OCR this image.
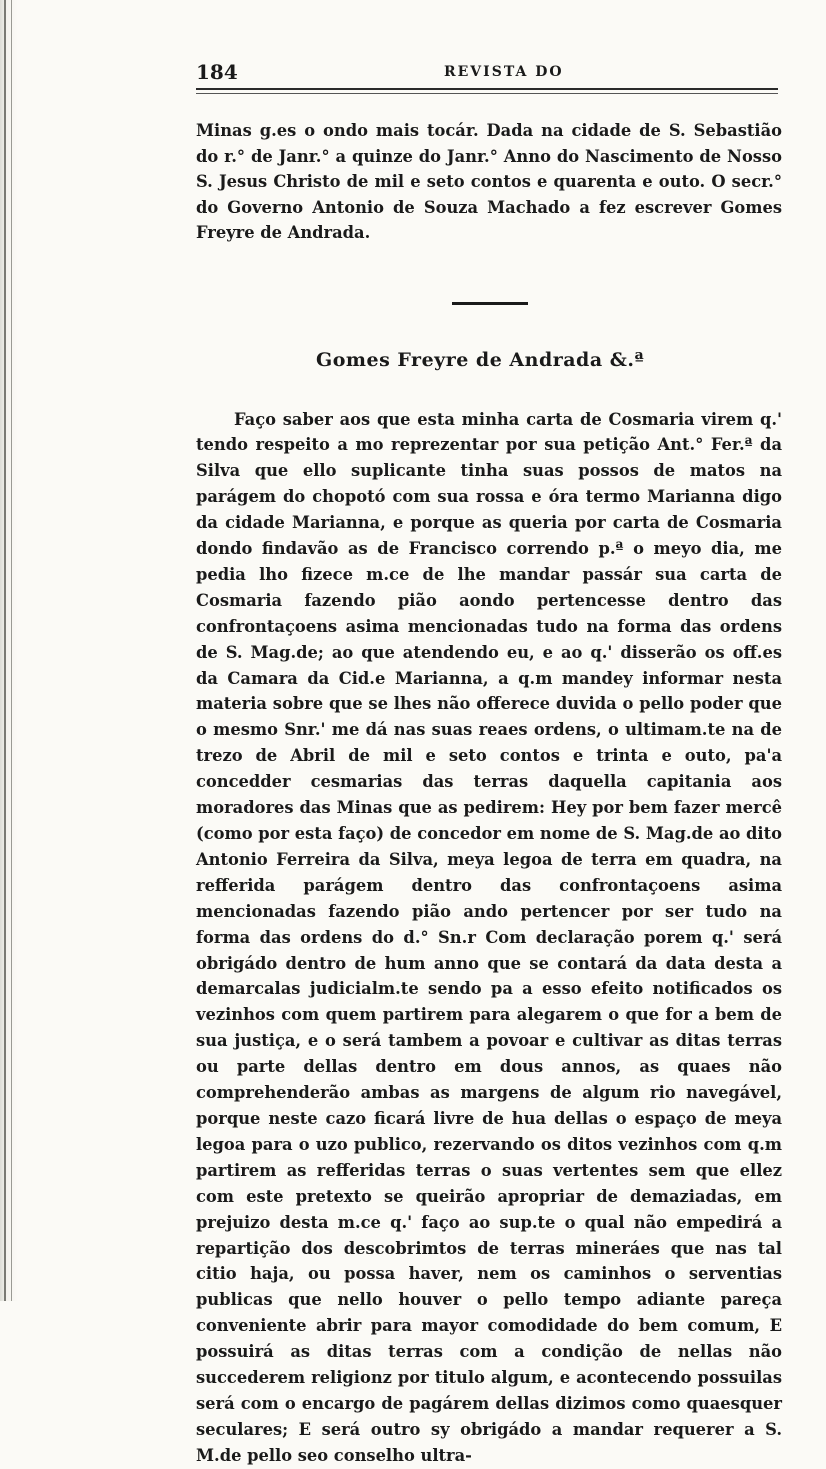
184	REVISTA DO
Minas g.es o ondo mais tocár. Dada na cidade de S. Sebastião do r.° de Janr.° a quinze do Janr.° Anno do Nascimento de Nosso S. Jesus Christo de mil e seto contos e quarenta e outo. O secr.° do Governo Antonio de Souza Machado a fez escrever Gomes Freyre de Andrada.
Gomes Freyre de Andrada &.ª
Faço saber aos que esta minha carta de Cosmaria virem q.' tendo respeito a mo reprezentar por sua petição Ant.° Fer.ª da Silva que ello suplicante tinha suas possos de matos na parágem do chopotó com sua rossa e óra termo Marianna digo da cidade Marianna, e porque as queria por carta de Cosmaria dondo findavão as de Francisco correndo p.ª o meyo dia, me pedia lho fizece m.ce de lhe mandar passár sua carta de Cosmaria fazendo pião aondo pertencesse dentro das confrontaçoens asima mencionadas tudo na forma das ordens de S. Mag.de; ao que atendendo eu, e ao q.' disserão os off.es da Camara da Cid.e Marianna, a q.m mandey informar nesta materia sobre que se lhes não offerece duvida o pello poder que o mesmo Snr.' me dá nas suas reaes ordens, o ultimam.te na de trezo de Abril de mil e seto contos e trinta e outo, pa'a concedder cesmarias das terras daquella capitania aos moradores das Minas que as pedirem: Hey por bem fazer mercê (como por esta faço) de concedor em nome de S. Mag.de ao dito Antonio Ferreira da Silva, meya legoa de terra em quadra, na refferida parágem dentro das confrontaçoens asima mencionadas fazendo pião ando pertencer por ser tudo na forma das ordens do d.° Sn.r Com declaração porem q.' será obrigádo dentro de hum anno que se contará da data desta a demarcalas judicialm.te sendo pa a esso efeito notificados os vezinhos com quem partirem para alegarem o que for a bem de sua justiça, e o será tambem a povoar e cultivar as ditas terras ou parte dellas dentro em dous annos, as quaes não comprehenderão ambas as margens de algum rio navegável, porque neste cazo ficará livre de hua dellas o espaço de meya legoa para o uzo publico, rezervando os ditos vezinhos com q.m partirem as refferidas terras o suas vertentes sem que ellez com este pretexto se queirão apropriar de demaziadas, em prejuizo desta m.ce q.' faço ao sup.te o qual não empedirá a repartição dos descobrimtos de terras mineráes que nas tal citio haja, ou possa haver, nem os caminhos o serventias publicas que nello houver o pello tempo adiante pareça conveniente abrir para mayor comodidade do bem comum, E possuirá as ditas terras com a condição de nellas não succederem religionz por titulo algum, e acontecendo possuilas será com o encargo de pagárem dellas dizimos como quaesquer seculares; E será outro sy obrigádo a mandar requerer a S. M.de pello seo conselho ultra-
